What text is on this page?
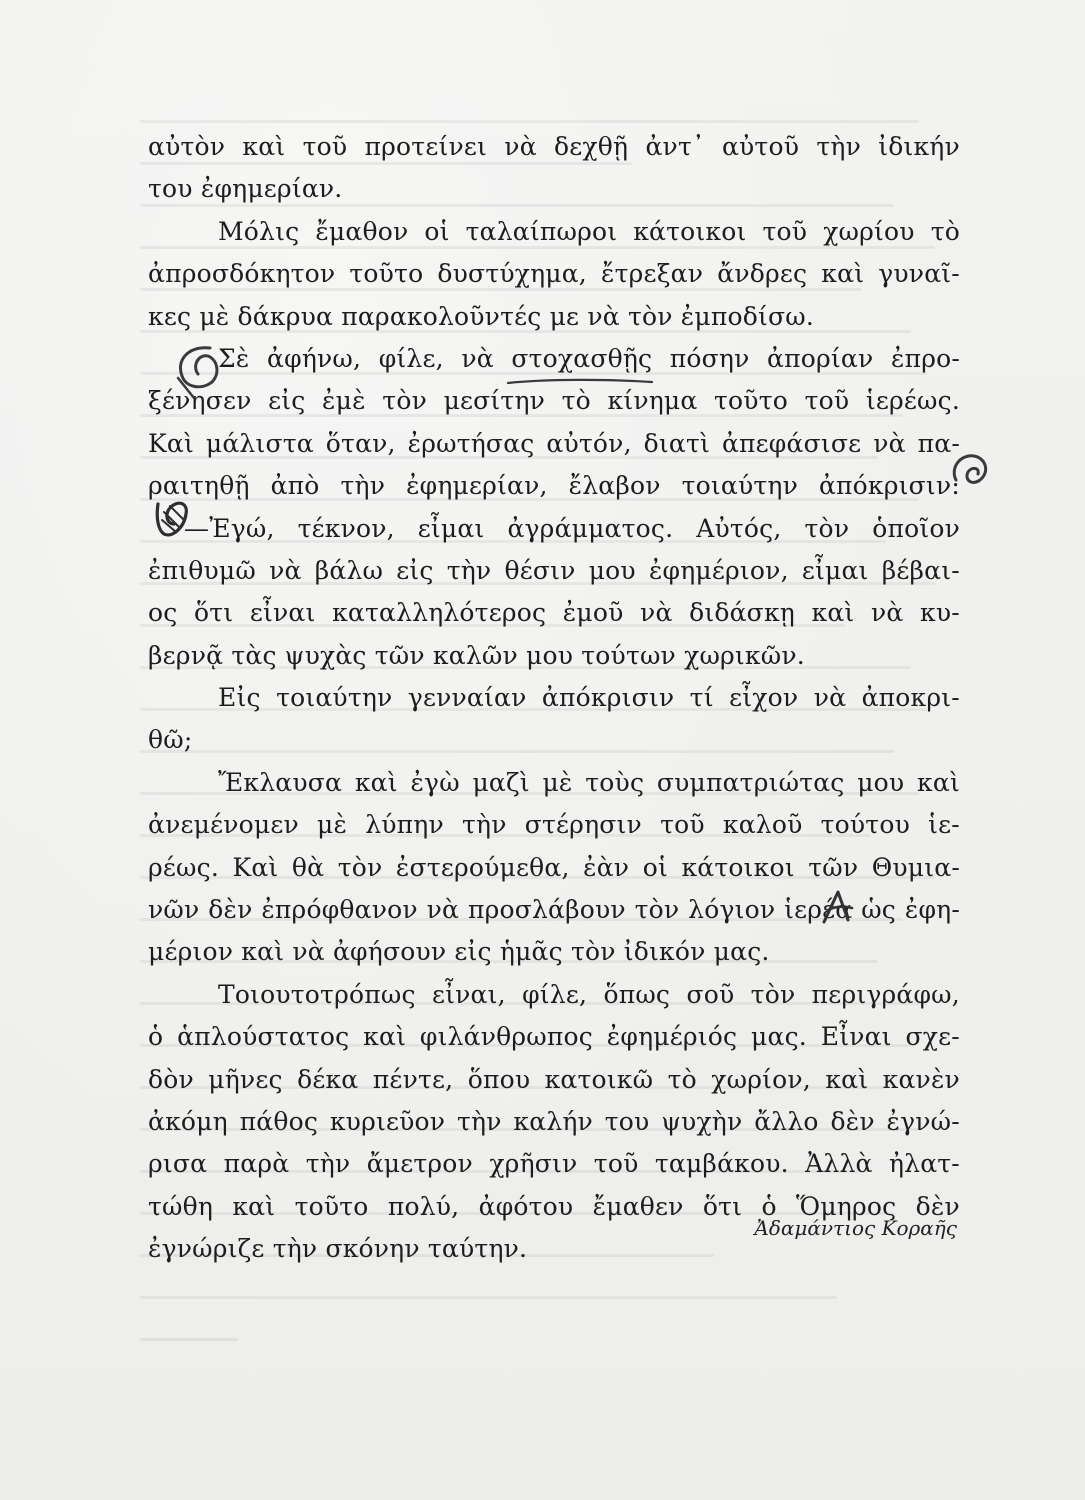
αὐτὸν καὶ τοῦ προτείνει νὰ δεχθῇ ἀντ᾽ αὐτοῦ τὴν ἰδικήν
του ἐφημερίαν.
Μόλις ἔμαθον οἱ ταλαίπωροι κάτοικοι τοῦ χωρίου τὸ
ἀπροσδόκητον τοῦτο δυστύχημα, ἔτρεξαν ἄνδρες καὶ γυναῖ-
κες μὲ δάκρυα παρακολοῦντές με νὰ τὸν ἐμποδίσω.
Σὲ ἀφήνω, φίλε, νὰ στοχασθῇς πόσην ἀπορίαν ἐπρο-
ξένησεν εἰς ἐμὲ τὸν μεσίτην τὸ κίνημα τοῦτο τοῦ ἱερέως.
Καὶ μάλιστα ὅταν, ἐρωτήσας αὐτόν, διατὶ ἀπεφάσισε νὰ πα-
ραιτηθῇ ἀπὸ τὴν ἐφημερίαν, ἔλαβον τοιαύτην ἀπόκρισιν:
—Ἐγώ, τέκνον, εἶμαι ἀγράμματος. Αὐτός, τὸν ὁποῖον
ἐπιθυμῶ νὰ βάλω εἰς τὴν θέσιν μου ἐφημέριον, εἶμαι βέβαι-
ος ὅτι εἶναι καταλληλότερος ἐμοῦ νὰ διδάσκῃ καὶ νὰ κυ-
βερνᾷ τὰς ψυχὰς τῶν καλῶν μου τούτων χωρικῶν.
Εἰς τοιαύτην γενναίαν ἀπόκρισιν τί εἶχον νὰ ἀποκρι-
θῶ;
Ἔκλαυσα καὶ ἐγὼ μαζὶ μὲ τοὺς συμπατριώτας μου καὶ
ἀνεμένομεν μὲ λύπην τὴν στέρησιν τοῦ καλοῦ τούτου ἱε-
ρέως. Καὶ θὰ τὸν ἐστερούμεθα, ἐὰν οἱ κάτοικοι τῶν Θυμια-
νῶν δὲν ἐπρόφθανον νὰ προσλάβουν τὸν λόγιον ἱερέα ὡς ἐφη-
μέριον καὶ νὰ ἀφήσουν εἰς ἡμᾶς τὸν ἰδικόν μας.
Τοιουτοτρόπως εἶναι, φίλε, ὅπως σοῦ τὸν περιγράφω,
ὁ ἁπλούστατος καὶ φιλάνθρωπος ἐφημέριός μας. Εἶναι σχε-
δὸν μῆνες δέκα πέντε, ὅπου κατοικῶ τὸ χωρίον, καὶ κανὲν
ἀκόμη πάθος κυριεῦον τὴν καλήν του ψυχὴν ἄλλο δὲν ἐγνώ-
ρισα παρὰ τὴν ἄμετρον χρῆσιν τοῦ ταμβάκου. Ἀλλὰ ἠλατ-
τώθη καὶ τοῦτο πολύ, ἀφότου ἔμαθεν ὅτι ὁ Ὅμηρος δὲν
ἐγνώριζε τὴν σκόνην ταύτην.
Ἀδαμάντιος Κοραῆς
